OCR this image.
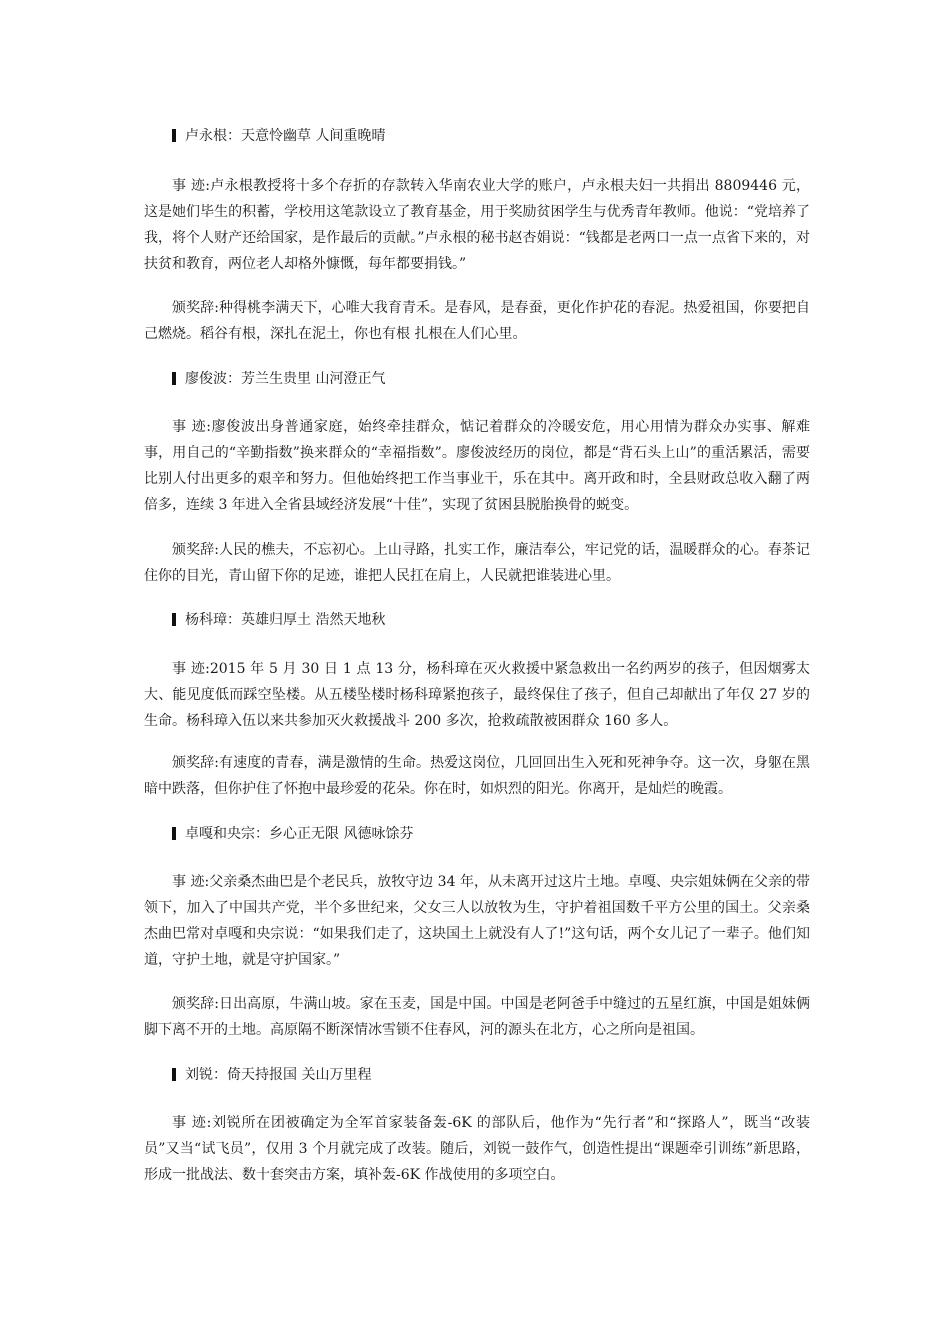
卢永根：天意怜幽草 人间重晚晴
事 迹:卢永根教授将十多个存折的存款转入华南农业大学的账户，卢永根夫妇一共捐出 8809446 元，这是她们毕生的积蓄，学校用这笔款设立了教育基金，用于奖励贫困学生与优秀青年教师。他说：“党培养了我，将个人财产还给国家，是作最后的贡献。”卢永根的秘书赵杏娟说：“钱都是老两口一点一点省下来的，对扶贫和教育，两位老人却格外慷慨，每年都要捐钱。”
颁奖辞:种得桃李满天下，心唯大我育青禾。是春风，是春蚕，更化作护花的春泥。热爱祖国，你要把自己燃烧。稻谷有根，深扎在泥土，你也有根 扎根在人们心里。
廖俊波：芳兰生贵里 山河澄正气
事 迹:廖俊波出身普通家庭，始终牵挂群众，惦记着群众的冷暖安危，用心用情为群众办实事、解难事，用自己的“辛勤指数”换来群众的“幸福指数”。廖俊波经历的岗位，都是“背石头上山”的重活累活，需要比别人付出更多的艰辛和努力。但他始终把工作当事业干，乐在其中。离开政和时，全县财政总收入翻了两倍多，连续 3 年进入全省县域经济发展“十佳”，实现了贫困县脱胎换骨的蜕变。
颁奖辞:人民的樵夫，不忘初心。上山寻路，扎实工作，廉洁奉公，牢记党的话，温暖群众的心。春茶记住你的目光，青山留下你的足迹，谁把人民扛在肩上，人民就把谁装进心里。
杨科璋：英雄归厚土 浩然天地秋
事 迹:2015 年 5 月 30 日 1 点 13 分，杨科璋在灭火救援中紧急救出一名约两岁的孩子，但因烟雾太大、能见度低而踩空坠楼。从五楼坠楼时杨科璋紧抱孩子，最终保住了孩子，但自己却献出了年仅 27 岁的生命。杨科璋入伍以来共参加灭火救援战斗 200 多次，抢救疏散被困群众 160 多人。
颁奖辞:有速度的青春，满是激情的生命。热爱这岗位，几回回出生入死和死神争夺。这一次，身躯在黑暗中跌落，但你护住了怀抱中最珍爱的花朵。你在时，如炽烈的阳光。你离开，是灿烂的晚霞。
卓嘎和央宗：乡心正无限 风德咏馀芬
事 迹:父亲桑杰曲巴是个老民兵，放牧守边 34 年，从未离开过这片土地。卓嘎、央宗姐妹俩在父亲的带领下，加入了中国共产党，半个多世纪来，父女三人以放牧为生，守护着祖国数千平方公里的国土。父亲桑杰曲巴常对卓嘎和央宗说：“如果我们走了，这块国土上就没有人了!”这句话，两个女儿记了一辈子。他们知道，守护土地，就是守护国家。”
颁奖辞:日出高原，牛满山坡。家在玉麦，国是中国。中国是老阿爸手中缝过的五星红旗，中国是姐妹俩脚下离不开的土地。高原隔不断深情冰雪锁不住春风，河的源头在北方，心之所向是祖国。
刘锐：倚天持报国 关山万里程
事 迹:刘锐所在团被确定为全军首家装备轰-6K 的部队后，他作为“先行者”和“探路人”，既当“改装员”又当“试飞员”，仅用 3 个月就完成了改装。随后，刘锐一鼓作气，创造性提出“课题牵引训练”新思路，形成一批战法、数十套突击方案，填补轰-6K 作战使用的多项空白。
